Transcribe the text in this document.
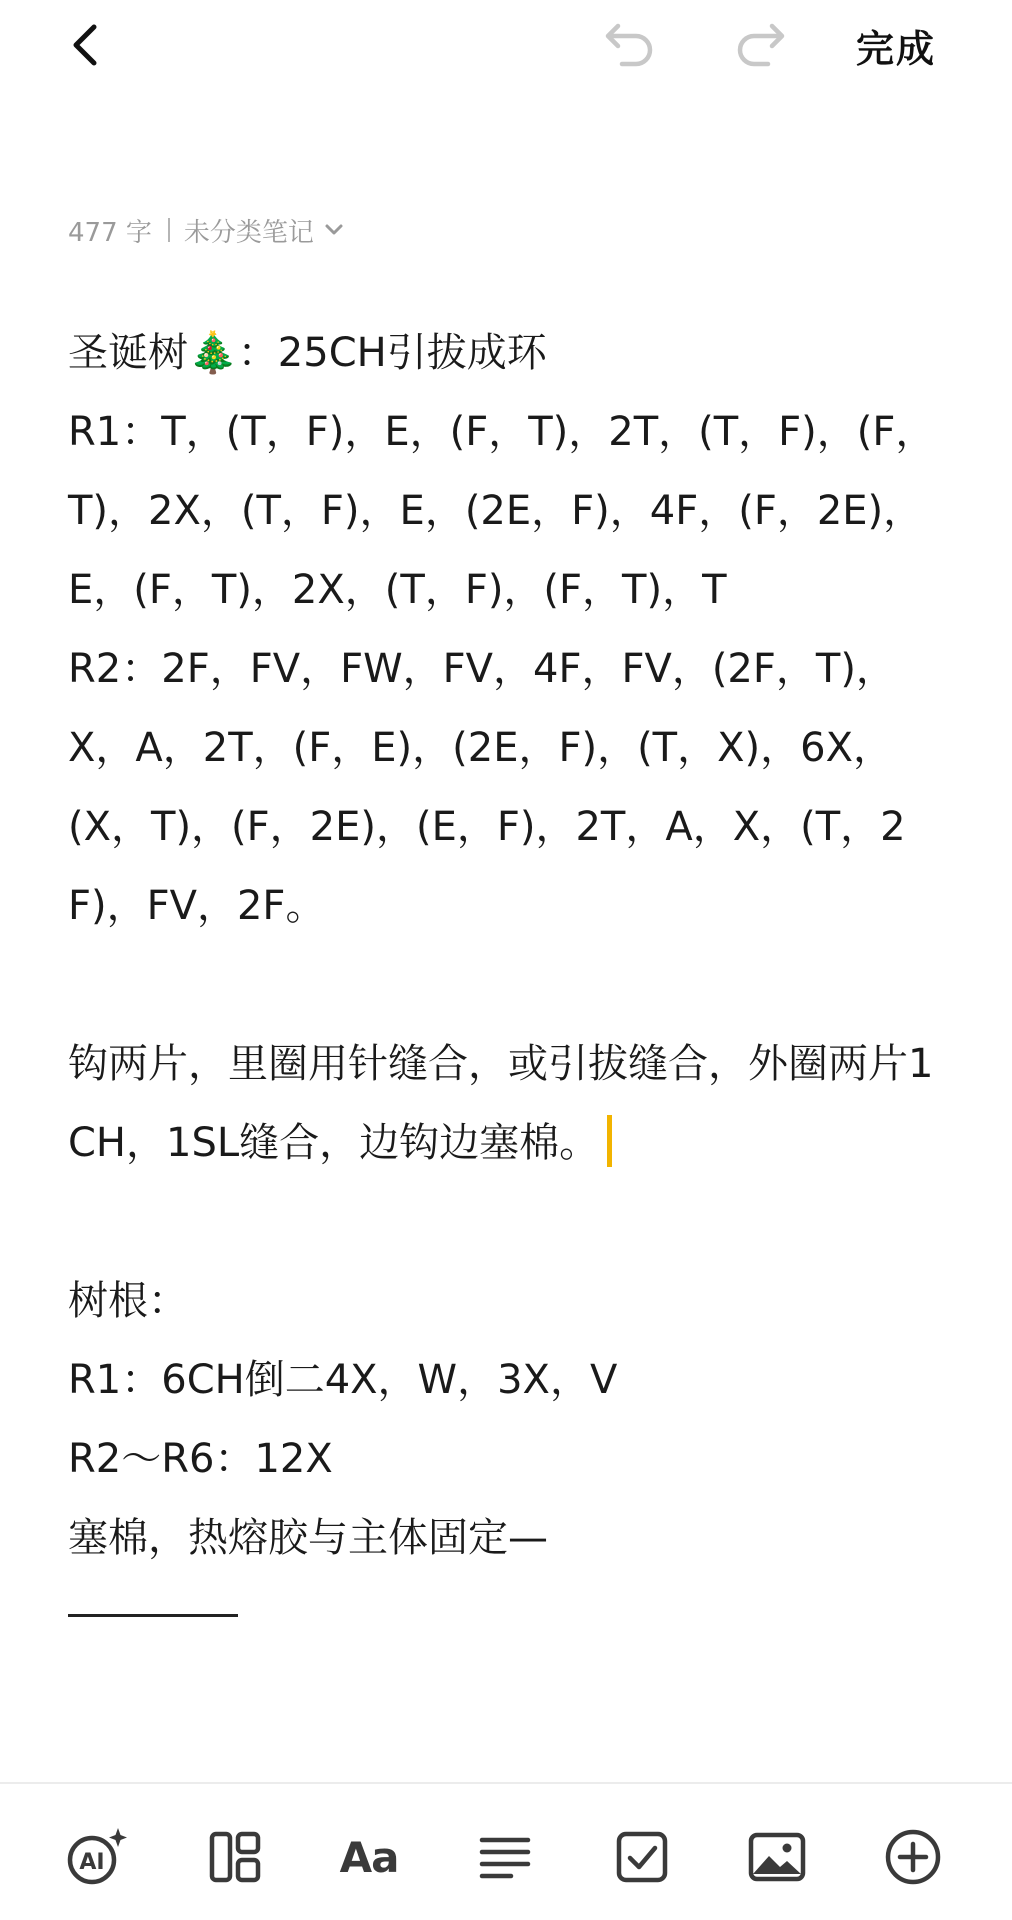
完成
477 字 未分类笔记

圣诞树🎄：25CH引拔成环

R1：T，(T，F)，E，(F，T)，2T，(T，F)，(F，T)，2X，(T，F)，E，(2E，F)，4F，(F，2E)，E，(F，T)，2X，(T，F)，(F，T)，T

R2：2F，FV，FW，FV，4F，FV，(2F，T)，X，A，2T，(F，E)，(2E，F)，(T，X)，6X，(X，T)，(F，2E)，(E，F)，2T，A，X，(T，2F)，FV，2F。

钩两片，里圈用针缝合，或引拔缝合，外圈两片1CH，1SL缝合，边钩边塞棉。

树根：

R1：6CH倒二4X，W，3X，V

R2～R6：12X

塞棉，热熔胶与主体固定—

AI	Aa
